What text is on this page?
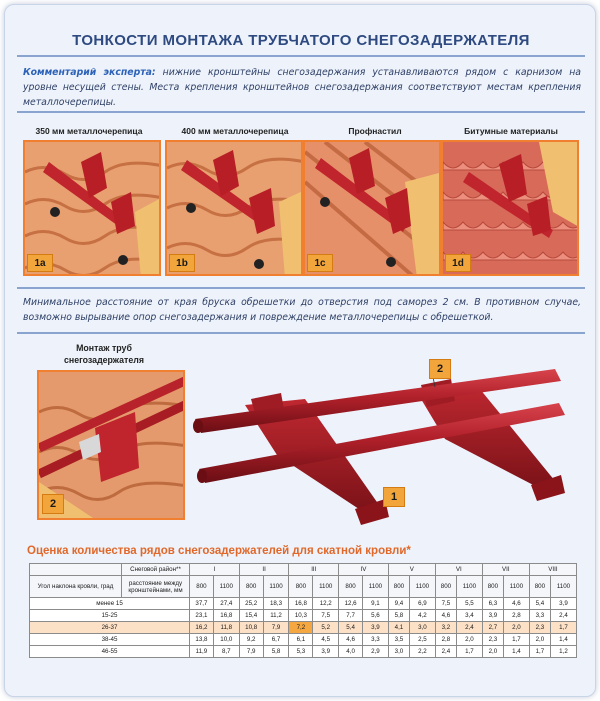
ТОНКОСТИ МОНТАЖА ТРУБЧАТОГО СНЕГОЗАДЕРЖАТЕЛЯ
Комментарий эксперта: нижние кронштейны снегозадержания устанавливаются рядом с карнизом на уровне несущей стены. Места крепления кронштейнов снегозадержания соответствуют местам крепления металлочерепицы.
350 мм металлочерепица	400 мм металлочерепица	Профнастил	Битумные материалы
1a	1b	1c	1d
Минимальное расстояние от края бруска обрешетки до отверстия под саморез 2 см. В противном случае, возможно вырывание опор снегозадержания и повреждение металлочерепицы с обрешеткой.
Монтаж труб снегозадержателя
2
2
1
Оценка количества рядов снегозадержателей для скатной кровли*
	Снеговой район**	I		II		III		IV		V		VI		VII		VIII	
Угол наклона кровли, град	расстояние между кронштейнами, мм	800	1100	800	1100	800	1100	800	1100	800	1100	800	1100	800	1100	800	1100
менее 15		37,7	27,4	25,2	18,3	16,8	12,2	12,6	9,1	9,4	6,9	7,5	5,5	6,3	4,6	5,4	3,9
15-25		23,1	16,8	15,4	11,2	10,3	7,5	7,7	5,6	5,8	4,2	4,6	3,4	3,9	2,8	3,3	2,4
26-37		16,2	11,8	10,8	7,9	7,2	5,2	5,4	3,9	4,1	3,0	3,2	2,4	2,7	2,0	2,3	1,7
38-45		13,8	10,0	9,2	6,7	6,1	4,5	4,6	3,3	3,5	2,5	2,8	2,0	2,3	1,7	2,0	1,4
46-55		11,9	8,7	7,9	5,8	5,3	3,9	4,0	2,9	3,0	2,2	2,4	1,7	2,0	1,4	1,7	1,2
